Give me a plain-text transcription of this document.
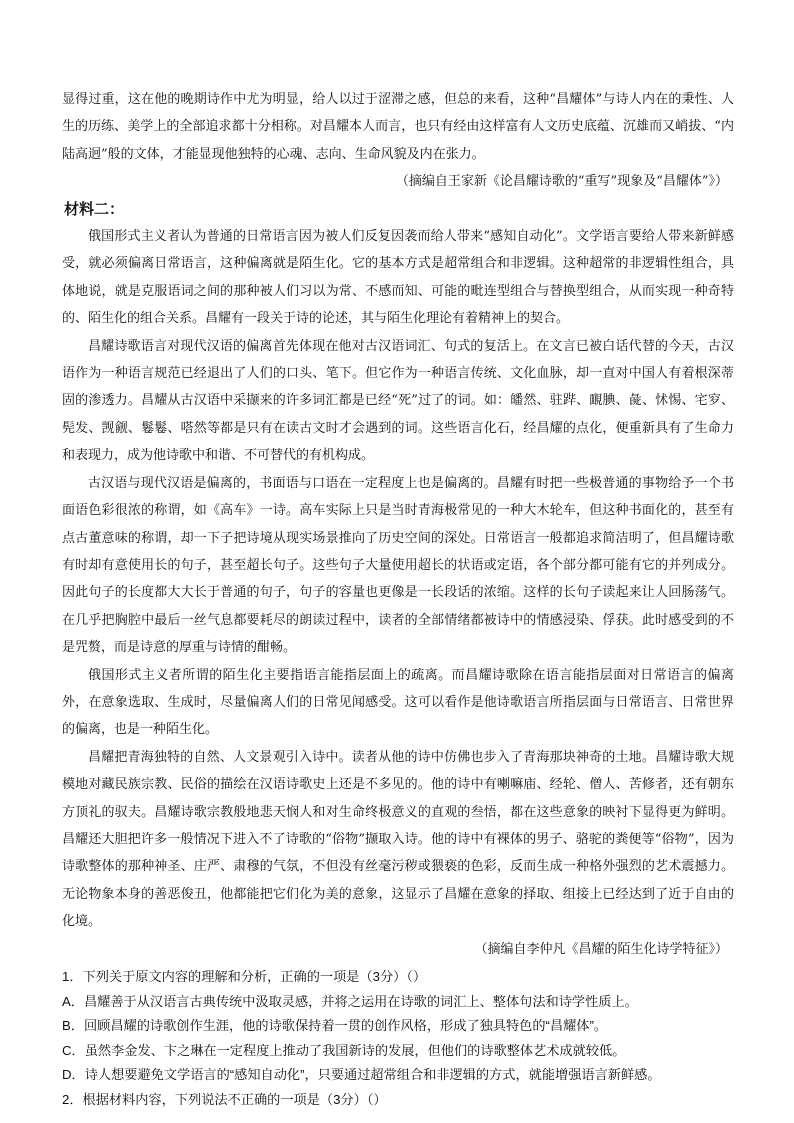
显得过重，这在他的晚期诗作中尤为明显，给人以过于涩滞之感，但总的来看，这种“昌耀体”与诗人内在的秉性、人生的历练、美学上的全部追求都十分相称。对昌耀本人而言，也只有经由这样富有人文历史底蕴、沉雄而又峭拔、“内陆高迥”般的文体，才能显现他独特的心魂、志向、生命风貌及内在张力。

（摘编自王家新《论昌耀诗歌的“重写”现象及“昌耀体”》）

材料二：

俄国形式主义者认为普通的日常语言因为被人们反复因袭而给人带来“感知自动化”。文学语言要给人带来新鲜感受，就必须偏离日常语言，这种偏离就是陌生化。它的基本方式是超常组合和非逻辑。这种超常的非逻辑性组合，具体地说，就是克服语词之间的那种被人们习以为常、不感而知、可能的毗连型组合与替换型组合，从而实现一种奇特的、陌生化的组合关系。昌耀有一段关于诗的论述，其与陌生化理论有着精神上的契合。

昌耀诗歌语言对现代汉语的偏离首先体现在他对古汉语词汇、句式的复活上。在文言已被白话代替的今天，古汉语作为一种语言规范已经退出了人们的口头、笔下。但它作为一种语言传统、文化血脉，却一直对中国人有着根深蒂固的渗透力。昌耀从古汉语中采撷来的许多词汇都是已经“死”过了的词。如：皤然、驻跸、靦腆、彘、怵惕、宅穸、髡发、觊觎、鬈鬈、嗒然等都是只有在读古文时才会遇到的词。这些语言化石，经昌耀的点化，便重新具有了生命力和表现力，成为他诗歌中和谐、不可替代的有机构成。

古汉语与现代汉语是偏离的，书面语与口语在一定程度上也是偏离的。昌耀有时把一些极普通的事物给予一个书面语色彩很浓的称谓，如《高车》一诗。高车实际上只是当时青海极常见的一种大木轮车，但这种书面化的，甚至有点古董意味的称谓，却一下子把诗境从现实场景推向了历史空间的深处。日常语言一般都追求简洁明了，但昌耀诗歌有时却有意使用长的句子，甚至超长句子。这些句子大量使用超长的状语或定语，各个部分都可能有它的并列成分。因此句子的长度都大大长于普通的句子，句子的容量也更像是一长段话的浓缩。这样的长句子读起来让人回肠荡气。在几乎把胸腔中最后一丝气息都要耗尽的朗读过程中，读者的全部情绪都被诗中的情感浸染、俘获。此时感受到的不是咒赘，而是诗意的厚重与诗情的酣畅。

俄国形式主义者所谓的陌生化主要指语言能指层面上的疏离。而昌耀诗歌除在语言能指层面对日常语言的偏离外，在意象选取、生成时，尽量偏离人们的日常见闻感受。这可以看作是他诗歌语言所指层面与日常语言、日常世界的偏离，也是一种陌生化。

昌耀把青海独特的自然、人文景观引入诗中。读者从他的诗中仿佛也步入了青海那块神奇的土地。昌耀诗歌大规模地对藏民族宗教、民俗的描绘在汉语诗歌史上还是不多见的。他的诗中有喇嘛庙、经轮、僧人、苦修者，还有朝东方顶礼的驭夫。昌耀诗歌宗教般地悲天悯人和对生命终极意义的直观的叁悟，都在这些意象的映衬下显得更为鲜明。昌耀还大胆把许多一般情况下进入不了诗歌的“俗物”撷取入诗。他的诗中有裸体的男子、骆驼的粪便等“俗物”，因为诗歌整体的那种神圣、庄严、肃穆的气氛，不但没有丝毫污秽或猥亵的色彩，反而生成一种格外强烈的艺术震撼力。无论物象本身的善恶俊丑，他都能把它们化为美的意象，这显示了昌耀在意象的择取、组接上已经达到了近于自由的化境。

（摘编自李仲凡《昌耀的陌生化诗学特征》）

1．下列关于原文内容的理解和分析，正确的一项是（3分）（）

A．昌耀善于从汉语言古典传统中汲取灵感，并将之运用在诗歌的词汇上、整体句法和诗学性质上。

B．回顾昌耀的诗歌创作生涯，他的诗歌保持着一贯的创作风格，形成了独具特色的“昌耀体”。

C．虽然李金发、卞之琳在一定程度上推动了我国新诗的发展，但他们的诗歌整体艺术成就较低。

D．诗人想要避免文学语言的“感知自动化”，只要通过超常组合和非逻辑的方式，就能增强语言新鲜感。

2．根据材料内容，下列说法不正确的一项是（3分）（）
